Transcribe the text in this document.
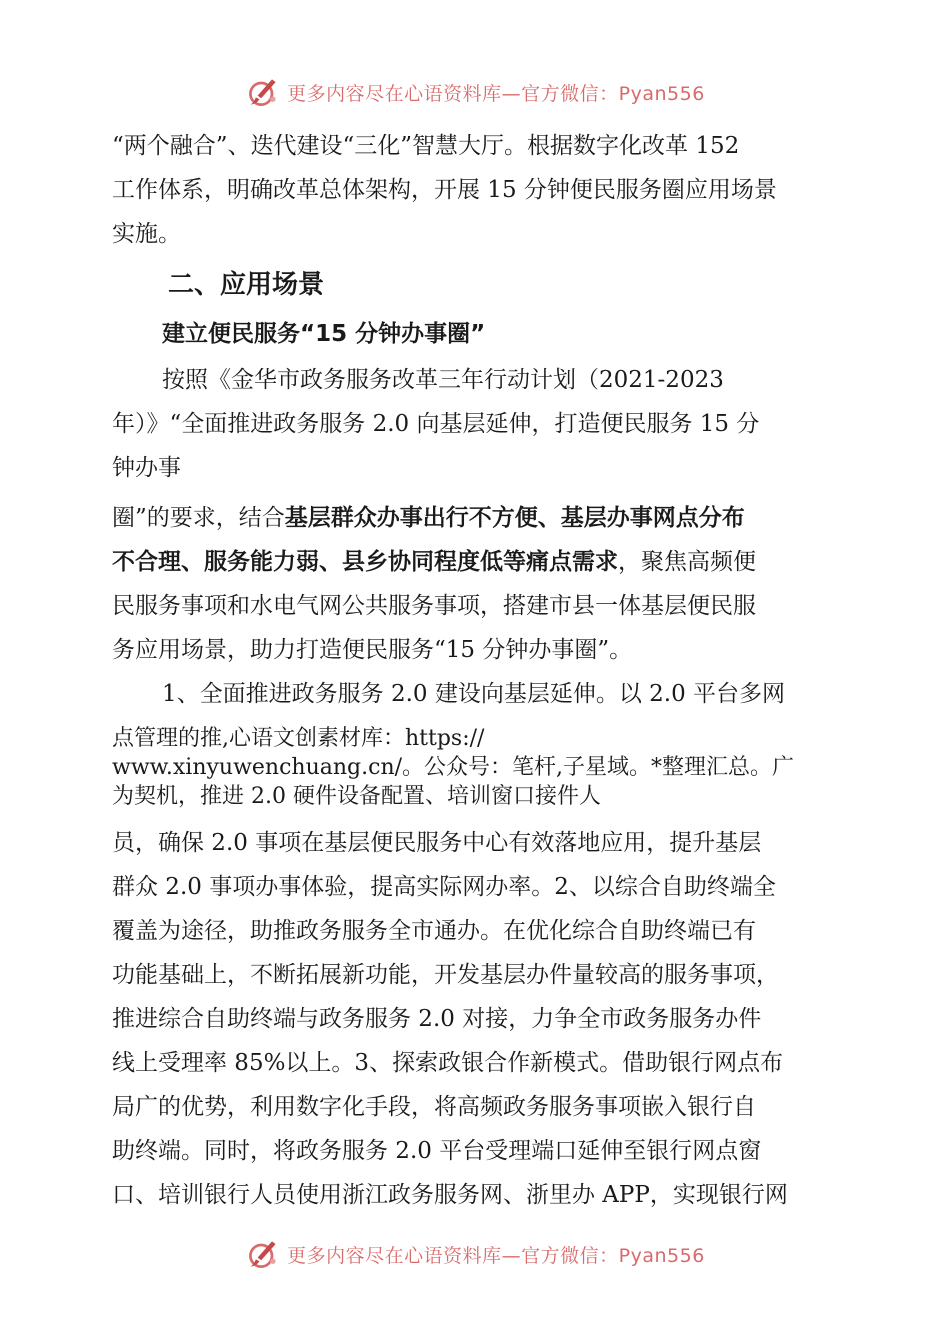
更多内容尽在心语资料库—官方微信：Pyan556

“两个融合”、迭代建设“三化”智慧大厅。根据数字化改革 152

工作体系，明确改革总体架构，开展 15 分钟便民服务圈应用场景

实施。

二、应用场景
建立便民服务“15 分钟办事圈”

按照《金华市政务服务改革三年行动计划（2021-2023

年）》“全面推进政务服务 2.0 向基层延伸，打造便民服务 15 分

钟办事

圈”的要求，结合基层群众办事出行不方便、基层办事网点分布

不合理、服务能力弱、县乡协同程度低等痛点需求，聚焦高频便

民服务事项和水电气网公共服务事项，搭建市县一体基层便民服

务应用场景，助力打造便民服务“15 分钟办事圈”。

1、全面推进政务服务 2.0 建设向基层延伸。以 2.0 平台多网

点管理的推,心语文创素材库：https://

www.xinyuwenchuang.cn/。公众号：笔杆,子星域。*整理汇总。广

为契机，推进 2.0 硬件设备配置、培训窗口接件人

员，确保 2.0 事项在基层便民服务中心有效落地应用，提升基层

群众 2.0 事项办事体验，提高实际网办率。2、以综合自助终端全

覆盖为途径，助推政务服务全市通办。在优化综合自助终端已有

功能基础上，不断拓展新功能，开发基层办件量较高的服务事项，

推进综合自助终端与政务服务 2.0 对接，力争全市政务服务办件

线上受理率 85%以上。3、探索政银合作新模式。借助银行网点布

局广的优势，利用数字化手段，将高频政务服务事项嵌入银行自

助终端。同时，将政务服务 2.0 平台受理端口延伸至银行网点窗

口、培训银行人员使用浙江政务服务网、浙里办 APP，实现银行网

更多内容尽在心语资料库—官方微信：Pyan556
